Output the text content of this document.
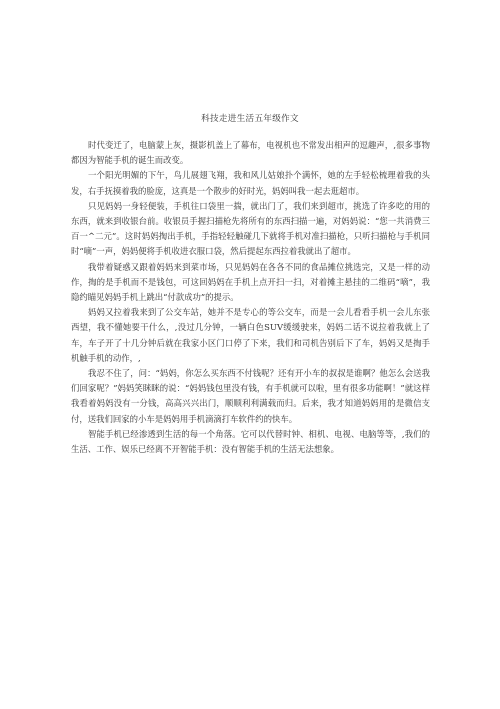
科技走进生活五年级作文

时代变迁了，电脑蒙上灰，摄影机盖上了幕布，电视机也不常发出相声的逗趣声，,很多事物都因为智能手机的诞生而改变。

一个阳光明媚的下午，鸟儿展翅飞翔，我和风儿姑娘扑个满怀，她的左手轻松梳理着我的头发，右手抚摸着我的脸庞，这真是一个散步的好时光，妈妈叫我一起去逛超市。

只见妈妈一身轻便装，手机往口袋里一揣，就出门了，我们来到超市，挑选了许多吃的用的东西，就来到收银台前。收银员手握扫描枪先将所有的东西扫描一遍，对妈妈说：“您一共消费三百一^二元”。这时妈妈掏出手机，手指轻轻触碰几下就将手机对准扫描枪，只听扫描枪与手机同时“嘀”一声，妈妈便将手机收进衣服口袋，然后提起东西拉着我就出了超市。

我带着疑惑又跟着妈妈来到菜市场，只见妈妈在各各不同的食品摊位挑选完，又是一样的动作，掏的是手机而不是钱包，可这回妈妈在手机上点开扫一扫，对着摊主悬挂的二维码“嘀”，我隐约瞄见妈妈手机上跳出“付款成功”的提示。

妈妈又拉着我来到了公交车站，她并不是专心的等公交车，而是一会儿看看手机一会儿东张西望，我不懂她要干什么，,没过几分钟，一辆白色SUV缓缓驶来，妈妈二话不说拉着我就上了车，车子开了十几分钟后就在我家小区门口停了下来，我们和司机告别后下了车，妈妈又是掏手机触手机的动作，,

我忍不住了，问：“妈妈，你怎么买东西不付钱呢？还有开小车的叔叔是谁啊？他怎么会送我们回家呢？”妈妈笑眯眯的说：“妈妈钱包里没有钱，有手机就可以啦，里有很多功能啊！”就这样我看着妈妈没有一分钱，高高兴兴出门，顺顺利利满载而归。后来，我才知道妈妈用的是微信支付，送我们回家的小车是妈妈用手机滴滴打车软件约的快车。

智能手机已经渗透到生活的每一个角落。它可以代替时钟、相机、电视、电脑等等，,我们的生活、工作、娱乐已经离不开智能手机：没有智能手机的生活无法想象。
